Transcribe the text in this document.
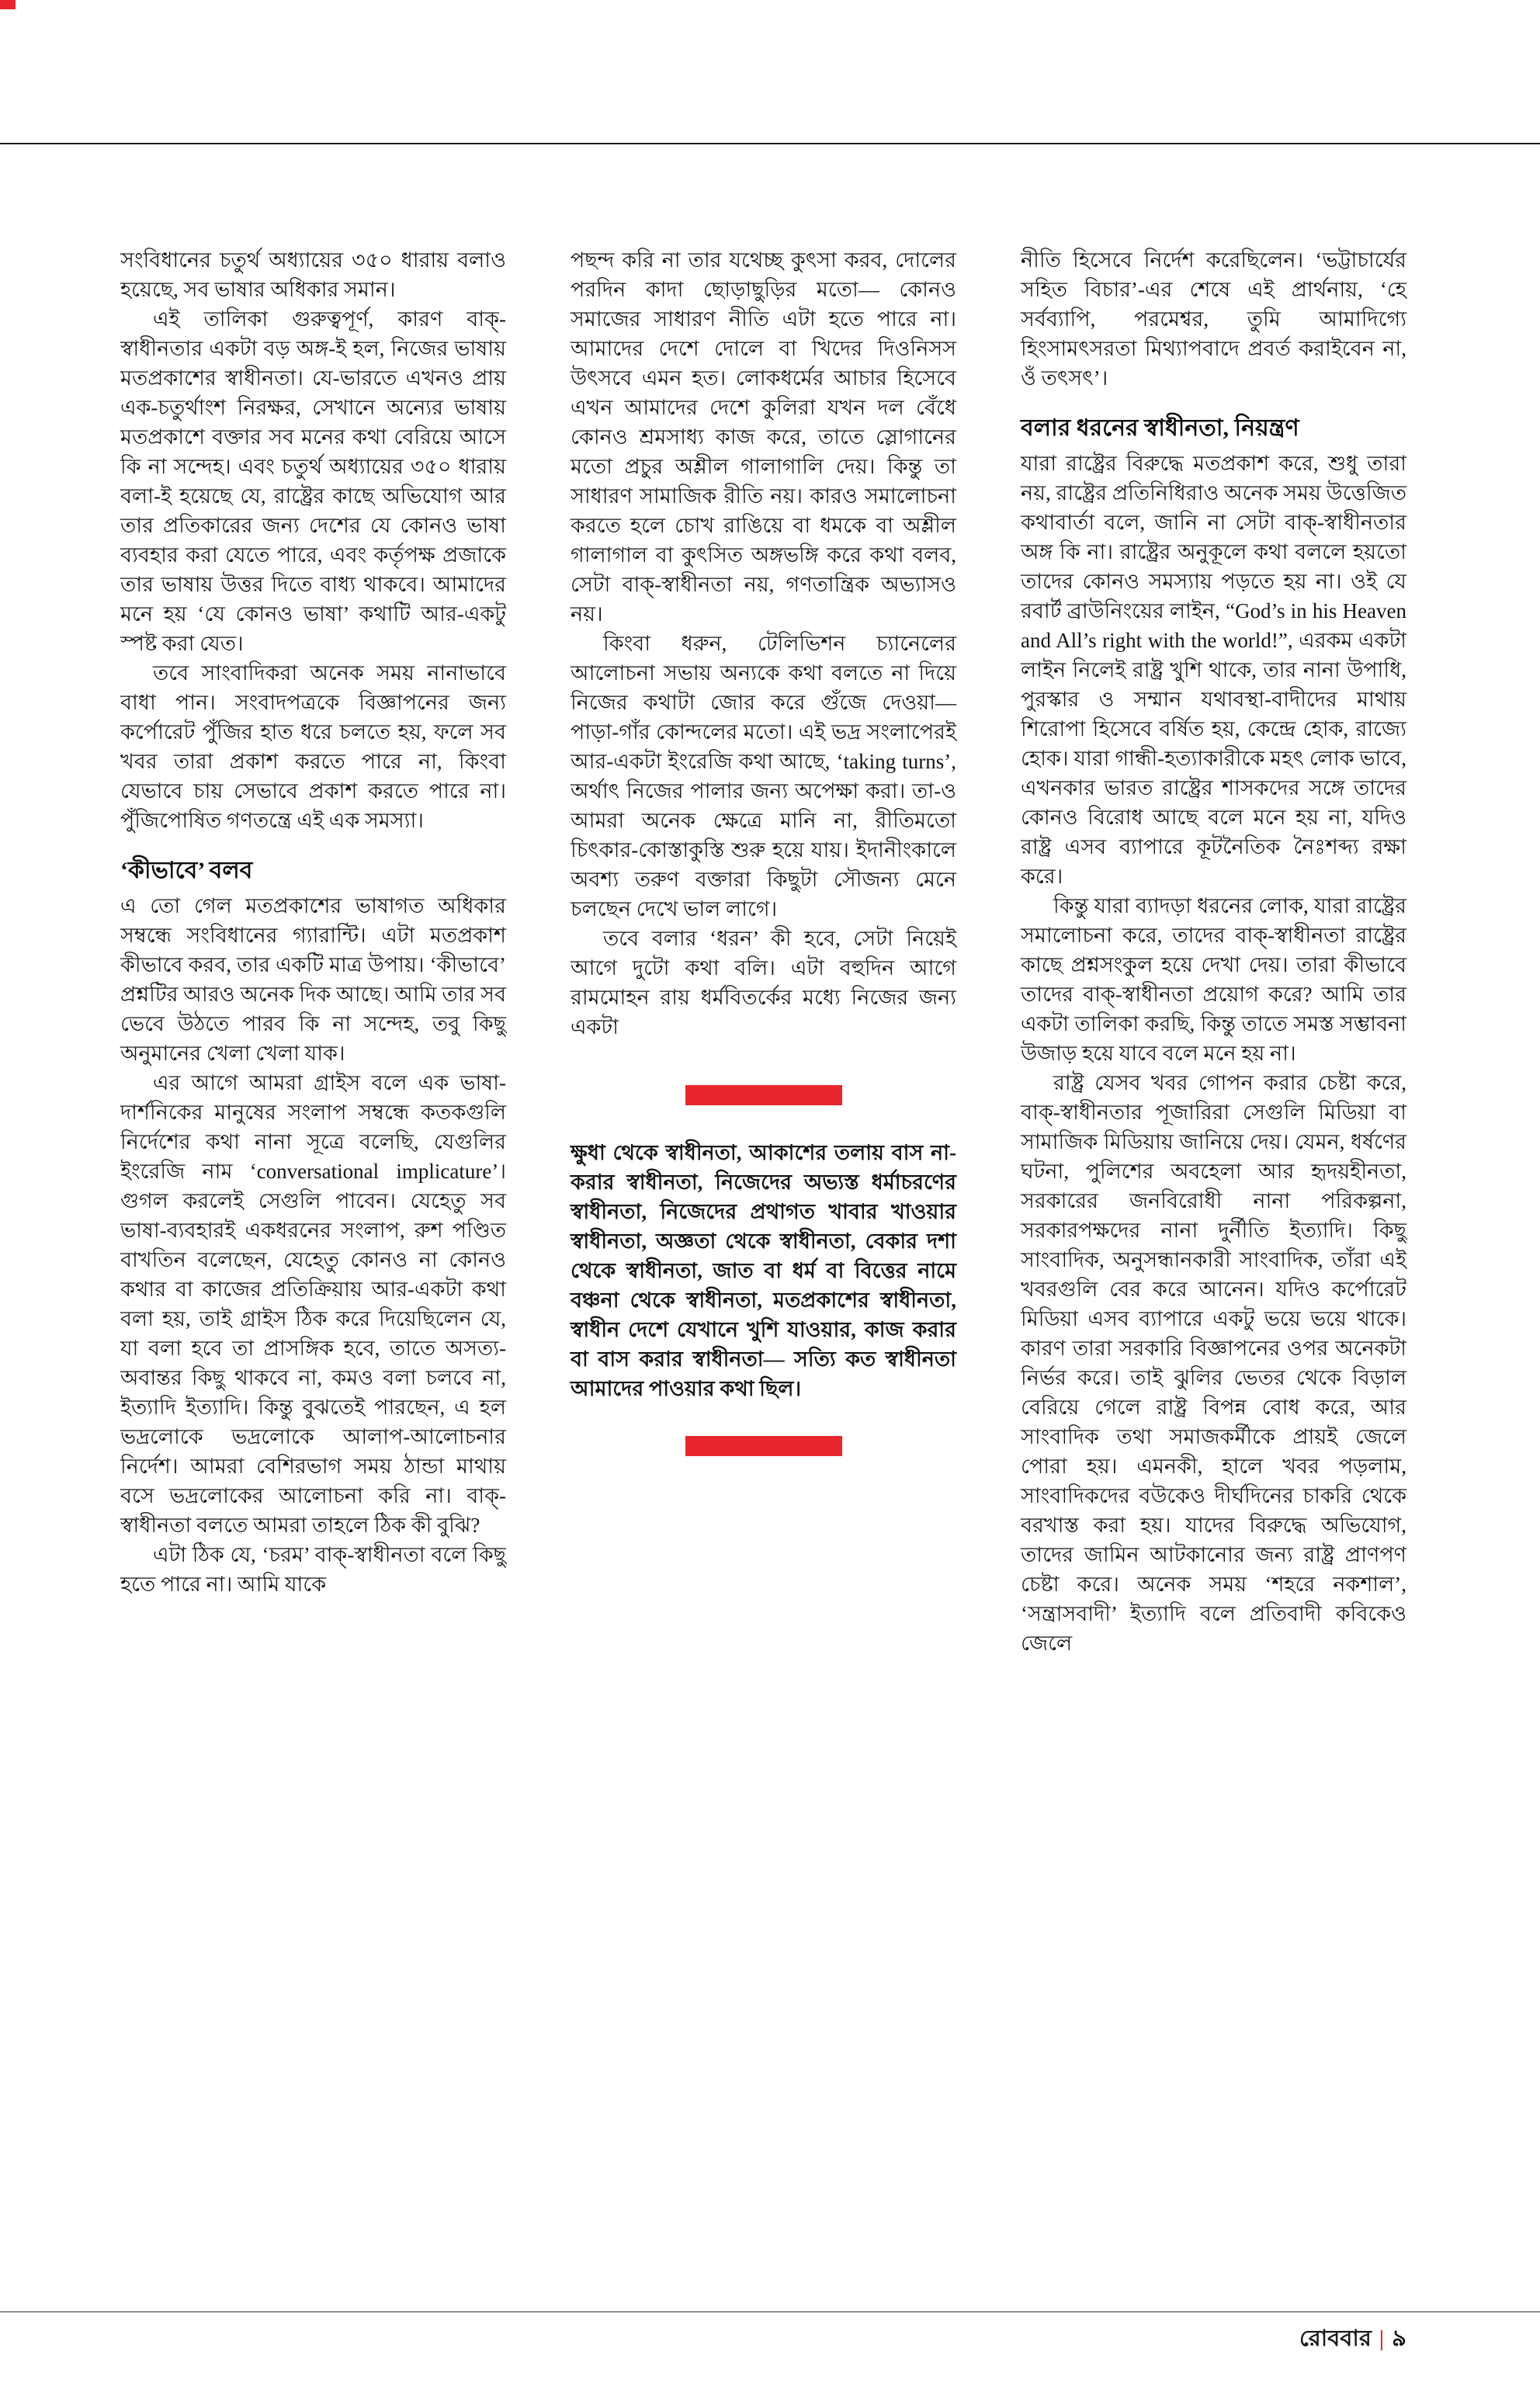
সংবিধানের চতুর্থ অধ্যায়ের ৩৫০ ধারায় বলাও হয়েছে, সব ভাষার অধিকার সমান।

এই তালিকা গুরুত্বপূর্ণ, কারণ বাক্‌-স্বাধীনতার একটা বড় অঙ্গ-ই হল, নিজের ভাষায় মতপ্রকাশের স্বাধীনতা। যে-ভারতে এখনও প্রায় এক-চতুর্থাংশ নিরক্ষর, সেখানে অন্যের ভাষায় মতপ্রকাশে বক্তার সব মনের কথা বেরিয়ে আসে কি না সন্দেহ। এবং চতুর্থ অধ্যায়ের ৩৫০ ধারায় বলা-ই হয়েছে যে, রাষ্ট্রের কাছে অভিযোগ আর তার প্রতিকারের জন্য দেশের যে কোনও ভাষা ব্যবহার করা যেতে পারে, এবং কর্তৃপক্ষ প্রজাকে তার ভাষায় উত্তর দিতে বাধ্য থাকবে। আমাদের মনে হয় ‘যে কোনও ভাষা’ কথাটি আর-একটু স্পষ্ট করা যেত।

তবে সাংবাদিকরা অনেক সময় নানাভাবে বাধা পান। সংবাদপত্রকে বিজ্ঞাপনের জন্য কর্পোরেট পুঁজির হাত ধরে চলতে হয়, ফলে সব খবর তারা প্রকাশ করতে পারে না, কিংবা যেভাবে চায় সেভাবে প্রকাশ করতে পারে না। পুঁজিপোষিত গণতন্ত্রে এই এক সমস্যা।

‘কীভাবে’ বলব

এ তো গেল মতপ্রকাশের ভাষাগত অধিকার সম্বন্ধে সংবিধানের গ্যারান্টি। এটা মতপ্রকাশ কীভাবে করব, তার একটি মাত্র উপায়। ‘কীভাবে’ প্রশ্নটির আরও অনেক দিক আছে। আমি তার সব ভেবে উঠতে পারব কি না সন্দেহ, তবু কিছু অনুমানের খেলা খেলা যাক।

এর আগে আমরা গ্রাইস বলে এক ভাষা-দার্শনিকের মানুষের সংলাপ সম্বন্ধে কতকগুলি নির্দেশের কথা নানা সূত্রে বলেছি, যেগুলির ইংরেজি নাম ‘conversational implicature’। গুগল করলেই সেগুলি পাবেন। যেহেতু সব ভাষা-ব্যবহারই একধরনের সংলাপ, রুশ পণ্ডিত বাখতিন বলেছেন, যেহেতু কোনও না কোনও কথার বা কাজের প্রতিক্রিয়ায় আর-একটা কথা বলা হয়, তাই গ্রাইস ঠিক করে দিয়েছিলেন যে, যা বলা হবে তা প্রাসঙ্গিক হবে, তাতে অসত্য-অবান্তর কিছু থাকবে না, কমও বলা চলবে না, ইত্যাদি ইত্যাদি। কিন্তু বুঝতেই পারছেন, এ হল ভদ্রলোকে ভদ্রলোকে আলাপ-আলোচনার নির্দেশ। আমরা বেশিরভাগ সময় ঠান্ডা মাথায় বসে ভদ্রলোকের আলোচনা করি না। বাক্‌-স্বাধীনতা বলতে আমরা তাহলে ঠিক কী বুঝি?

এটা ঠিক যে, ‘চরম’ বাক্‌-স্বাধীনতা বলে কিছু হতে পারে না। আমি যাকে

পছন্দ করি না তার যথেচ্ছ কুৎসা করব, দোলের পরদিন কাদা ছোড়াছুড়ির মতো— কোনও সমাজের সাধারণ নীতি এটা হতে পারে না। আমাদের দেশে দোলে বা খিদের দিওনিসস উৎসবে এমন হত। লোকধর্মের আচার হিসেবে এখন আমাদের দেশে কুলিরা যখন দল বেঁধে কোনও শ্রমসাধ্য কাজ করে, তাতে স্লোগানের মতো প্রচুর অশ্লীল গালাগালি দেয়। কিন্তু তা সাধারণ সামাজিক রীতি নয়। কারও সমালোচনা করতে হলে চোখ রাঙিয়ে বা ধমকে বা অশ্লীল গালাগাল বা কুৎসিত অঙ্গভঙ্গি করে কথা বলব, সেটা বাক্‌-স্বাধীনতা নয়, গণতান্ত্রিক অভ্যাসও নয়।

কিংবা ধরুন, টেলিভিশন চ্যানেলের আলোচনা সভায় অন্যকে কথা বলতে না দিয়ে নিজের কথাটা জোর করে গুঁজে দেওয়া— পাড়া-গাঁর কোন্দলের মতো। এই ভদ্র সংলাপেরই আর-একটা ইংরেজি কথা আছে, ‘taking turns’, অর্থাৎ নিজের পালার জন্য অপেক্ষা করা। তা-ও আমরা অনেক ক্ষেত্রে মানি না, রীতিমতো চিৎকার-কোস্তাকুস্তি শুরু হয়ে যায়। ইদানীংকালে অবশ্য তরুণ বক্তারা কিছুটা সৌজন্য মেনে চলছেন দেখে ভাল লাগে।

তবে বলার ‘ধরন’ কী হবে, সেটা নিয়েই আগে দুটো কথা বলি। এটা বহুদিন আগে রামমোহন রায় ধর্মবিতর্কের মধ্যে নিজের জন্য একটা

ক্ষুধা থেকে স্বাধীনতা, আকাশের তলায় বাস না-করার স্বাধীনতা, নিজেদের অভ্যস্ত ধর্মাচরণের স্বাধীনতা, নিজেদের প্রথাগত খাবার খাওয়ার স্বাধীনতা, অজ্ঞতা থেকে স্বাধীনতা, বেকার দশা থেকে স্বাধীনতা, জাত বা ধর্ম বা বিত্তের নামে বঞ্চনা থেকে স্বাধীনতা, মতপ্রকাশের স্বাধীনতা, স্বাধীন দেশে যেখানে খুশি যাওয়ার, কাজ করার বা বাস করার স্বাধীনতা— সত্যি কত স্বাধীনতা আমাদের পাওয়ার কথা ছিল।

নীতি হিসেবে নির্দেশ করেছিলেন। ‘ভট্টাচার্যের সহিত বিচার’-এর শেষে এই প্রার্থনায়, ‘হে সর্বব্যাপি, পরমেশ্বর, তুমি আমাদিগ্যে হিংসামৎসরতা মিথ্যাপবাদে প্রবর্ত করাইবেন না, ওঁ তৎসৎ’।

বলার ধরনের স্বাধীনতা, নিয়ন্ত্রণ

যারা রাষ্ট্রের বিরুদ্ধে মতপ্রকাশ করে, শুধু তারা নয়, রাষ্ট্রের প্রতিনিধিরাও অনেক সময় উত্তেজিত কথাবার্তা বলে, জানি না সেটা বাক্‌-স্বাধীনতার অঙ্গ কি না। রাষ্ট্রের অনুকূলে কথা বললে হয়তো তাদের কোনও সমস্যায় পড়তে হয় না। ওই যে রবার্ট ব্রাউনিংয়ের লাইন, “God’s in his Heaven and All’s right with the world!”, এরকম একটা লাইন নিলেই রাষ্ট্র খুশি থাকে, তার নানা উপাধি, পুরস্কার ও সম্মান যথাবস্থা-বাদীদের মাথায় শিরোপা হিসেবে বর্ষিত হয়, কেন্দ্রে হোক, রাজ্যে হোক। যারা গান্ধী-হত্যাকারীকে মহৎ লোক ভাবে, এখনকার ভারত রাষ্ট্রের শাসকদের সঙ্গে তাদের কোনও বিরোধ আছে বলে মনে হয় না, যদিও রাষ্ট্র এসব ব্যাপারে কূটনৈতিক নৈঃশব্দ্য রক্ষা করে।

কিন্তু যারা ব্যাদড়া ধরনের লোক, যারা রাষ্ট্রের সমালোচনা করে, তাদের বাক্‌-স্বাধীনতা রাষ্ট্রের কাছে প্রশ্নসংকুল হয়ে দেখা দেয়। তারা কীভাবে তাদের বাক্‌-স্বাধীনতা প্রয়োগ করে? আমি তার একটা তালিকা করছি, কিন্তু তাতে সমস্ত সম্ভাবনা উজাড় হয়ে যাবে বলে মনে হয় না।

রাষ্ট্র যেসব খবর গোপন করার চেষ্টা করে, বাক্‌-স্বাধীনতার পূজারিরা সেগুলি মিডিয়া বা সামাজিক মিডিয়ায় জানিয়ে দেয়। যেমন, ধর্ষণের ঘটনা, পুলিশের অবহেলা আর হৃদয়হীনতা, সরকারের জনবিরোধী নানা পরিকল্পনা, সরকারপক্ষদের নানা দুর্নীতি ইত্যাদি। কিছু সাংবাদিক, অনুসন্ধানকারী সাংবাদিক, তাঁরা এই খবরগুলি বের করে আনেন। যদিও কর্পোরেট মিডিয়া এসব ব্যাপারে একটু ভয়ে ভয়ে থাকে। কারণ তারা সরকারি বিজ্ঞাপনের ওপর অনেকটা নির্ভর করে। তাই ঝুলির ভেতর থেকে বিড়াল বেরিয়ে গেলে রাষ্ট্র বিপন্ন বোধ করে, আর সাংবাদিক তথা সমাজকর্মীকে প্রায়ই জেলে পোরা হয়। এমনকী, হালে খবর পড়লাম, সাংবাদিকদের বউকেও দীর্ঘদিনের চাকরি থেকে বরখাস্ত করা হয়। যাদের বিরুদ্ধে অভিযোগ, তাদের জামিন আটকানোর জন্য রাষ্ট্র প্রাণপণ চেষ্টা করে। অনেক সময় ‘শহরে নকশাল’, ‘সন্ত্রাসবাদী’ ইত্যাদি বলে প্রতিবাদী কবিকেও জেলে

রোববার | ৯
